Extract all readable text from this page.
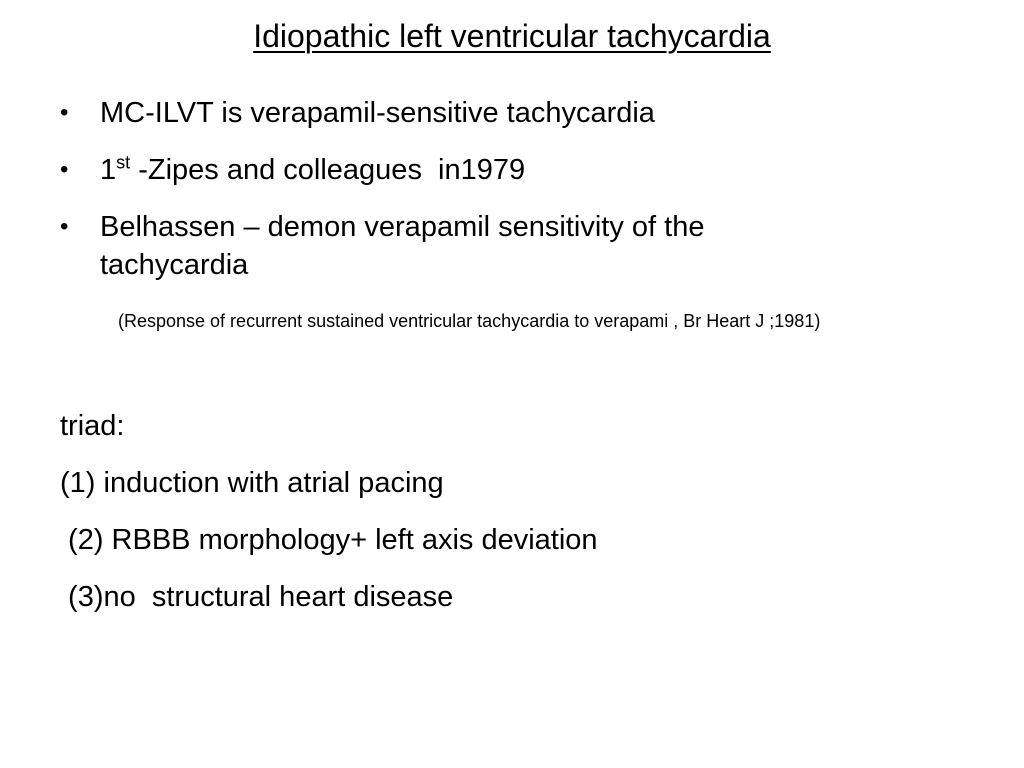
Idiopathic left ventricular tachycardia
•	MC-ILVT is verapamil-sensitive tachycardia
•	1st -Zipes and colleagues  in1979
•	Belhassen – demon verapamil sensitivity of the
tachycardia
(Response of recurrent sustained ventricular tachycardia to verapami , Br Heart J ;1981)
triad:
(1) induction with atrial pacing
(2) RBBB morphology+ left axis deviation
(3)no  structural heart disease
